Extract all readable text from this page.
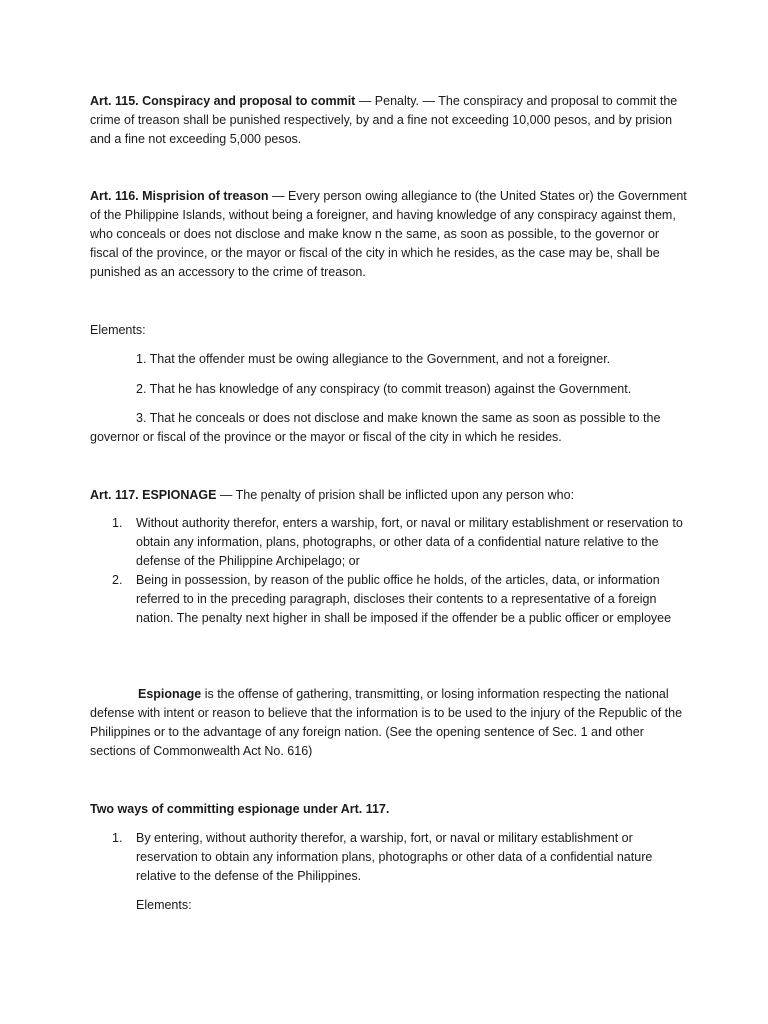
Art. 115. Conspiracy and proposal to commit — Penalty. — The conspiracy and proposal to commit the crime of treason shall be punished respectively, by and a fine not exceeding 10,000 pesos, and by prision and a fine not exceeding 5,000 pesos.

Art. 116. Misprision of treason — Every person owing allegiance to (the United States or) the Government of the Philippine Islands, without being a foreigner, and having knowledge of any conspiracy against them, who conceals or does not disclose and make know n the same, as soon as possible, to the governor or fiscal of the province, or the mayor or fiscal of the city in which he resides, as the case may be, shall be punished as an accessory to the crime of treason.

Elements:

1. That the offender must be owing allegiance to the Government, and not a foreigner.

2. That he has knowledge of any conspiracy (to commit treason) against the Government.

3. That he conceals or does not disclose and make known the same as soon as possible to the governor or fiscal of the province or the mayor or fiscal of the city in which he resides.

Art. 117. ESPIONAGE — The penalty of prision shall be inflicted upon any person who:

1. Without authority therefor, enters a warship, fort, or naval or military establishment or reservation to obtain any information, plans, photographs, or other data of a confidential nature relative to the defense of the Philippine Archipelago; or
2. Being in possession, by reason of the public office he holds, of the articles, data, or information referred to in the preceding paragraph, discloses their contents to a representative of a foreign nation. The penalty next higher in shall be imposed if the offender be a public officer or employee

Espionage is the offense of gathering, transmitting, or losing information respecting the national defense with intent or reason to believe that the information is to be used to the injury of the Republic of the Philippines or to the advantage of any foreign nation. (See the opening sentence of Sec. 1 and other sections of Commonwealth Act No. 616)

Two ways of committing espionage under Art. 117.

1. By entering, without authority therefor, a warship, fort, or naval or military establishment or reservation to obtain any information plans, photographs or other data of a confidential nature relative to the defense of the Philippines.
Elements:
